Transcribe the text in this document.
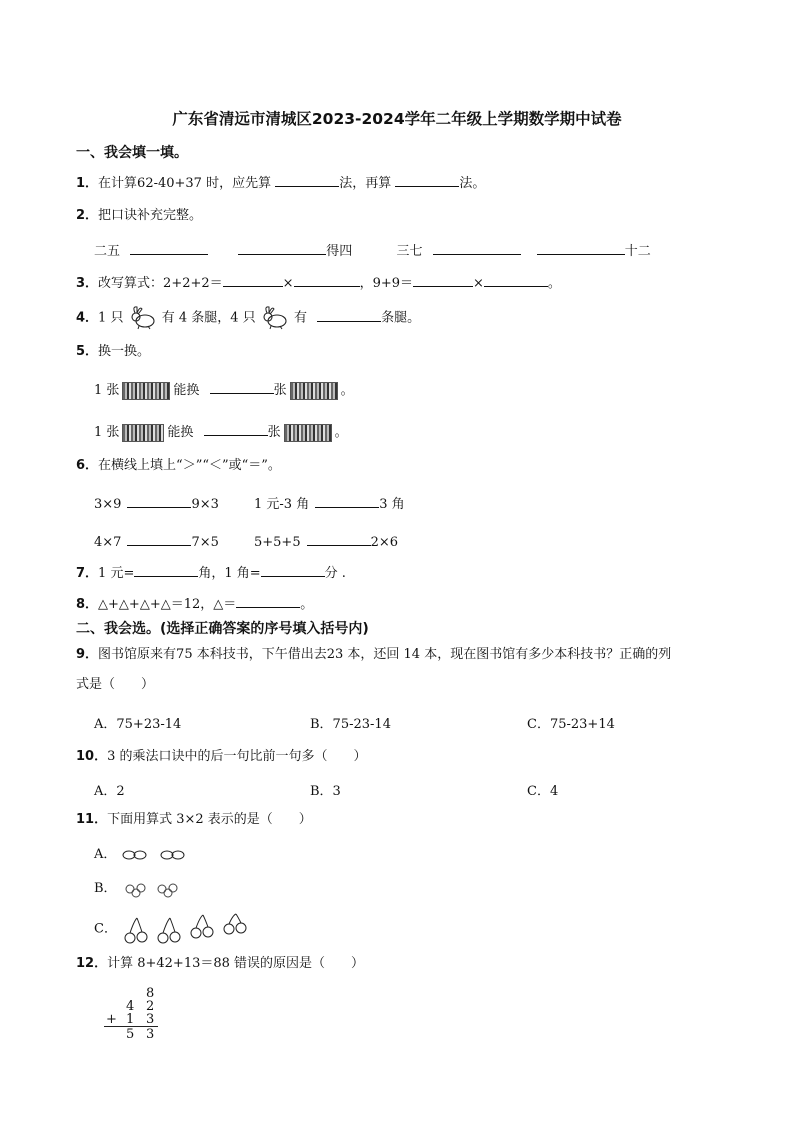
广东省清远市清城区2023-2024学年二年级上学期数学期中试卷
一、我会填一填。
1．在计算62-40+37 时，应先算	法，再算	法。
2．把口诀补充完整。
二五	得四	三七	十二
3．改写算式：2+2+2＝	×	，9+9＝	×	。
4．1 只	有 4 条腿，4 只	有	条腿。
5．换一换。
1 张	能换	张	。
1 张	能换	张	。
6．在横线上填上“＞”“＜”或“＝”。
3×9	9×3	1 元-3 角	3 角
4×7	7×5	5+5+5	2×6
7．1 元=	角，1 角=	分 .
8．△+△+△+△＝12，△＝	。
二、我会选。(选择正确答案的序号填入括号内)
9．图书馆原来有75 本科技书，下午借出去23 本，还回 14 本，现在图书馆有多少本科技书？正确的列
式是（　　）
A．75+23-14	B．75-23-14	C．75-23+14
10．3 的乘法口诀中的后一句比前一句多（　　）
A．2	B．3	C．4
11．下面用算式 3×2 表示的是（　　）
A．
B．
C．
12．计算 8+42+13＝88 错误的原因是（　　）
8
4 2
+ 1 3
5 3
